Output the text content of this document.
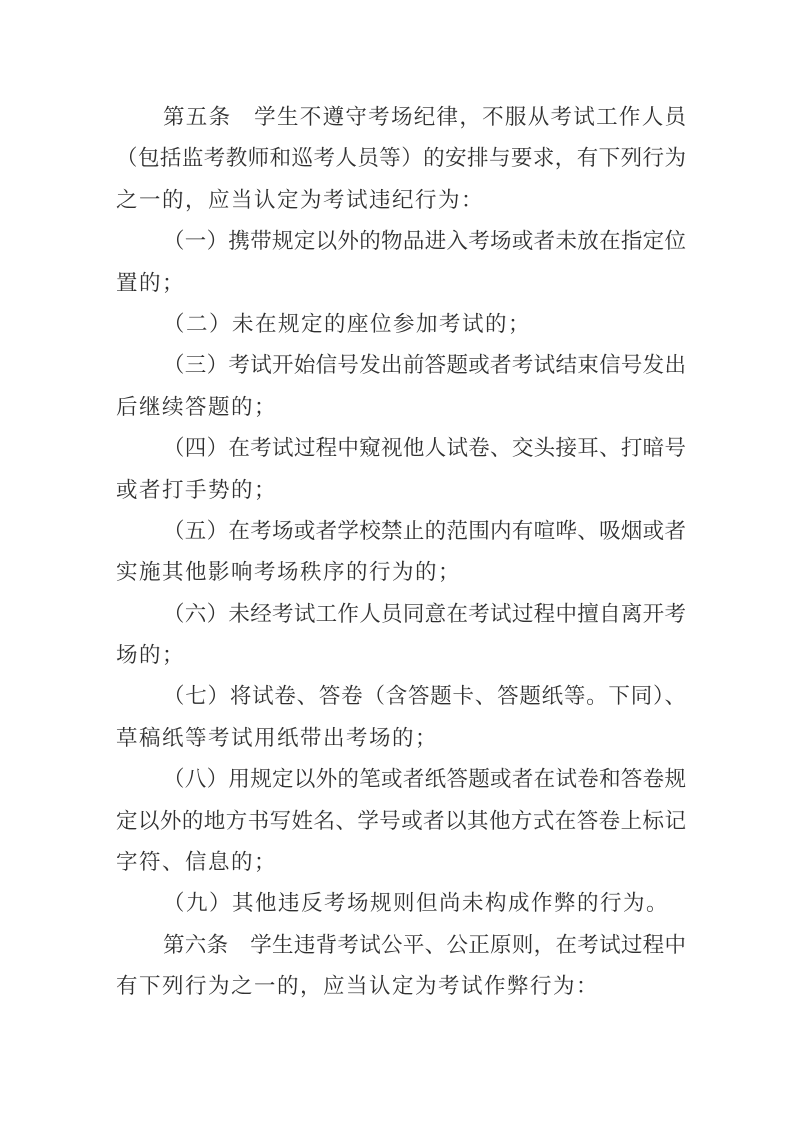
第五条　学生不遵守考场纪律，不服从考试工作人员
（包括监考教师和巡考人员等）的安排与要求，有下列行为
之一的，应当认定为考试违纪行为：
（一）携带规定以外的物品进入考场或者未放在指定位
置的；
（二）未在规定的座位参加考试的；
（三）考试开始信号发出前答题或者考试结束信号发出
后继续答题的；
（四）在考试过程中窥视他人试卷、交头接耳、打暗号
或者打手势的；
（五）在考场或者学校禁止的范围内有喧哗、吸烟或者
实施其他影响考场秩序的行为的；
（六）未经考试工作人员同意在考试过程中擅自离开考
场的；
（七）将试卷、答卷（含答题卡、答题纸等。下同）、
草稿纸等考试用纸带出考场的；
（八）用规定以外的笔或者纸答题或者在试卷和答卷规
定以外的地方书写姓名、学号或者以其他方式在答卷上标记
字符、信息的；
（九）其他违反考场规则但尚未构成作弊的行为。
第六条　学生违背考试公平、公正原则，在考试过程中
有下列行为之一的，应当认定为考试作弊行为：
